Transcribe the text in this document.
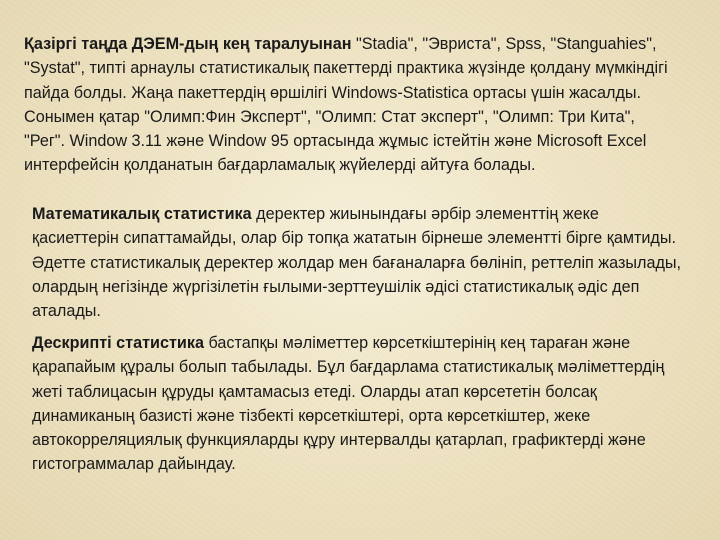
Қазіргі таңда ДЭЕМ-дың кең таралуынан "Stadia", "Эвриста", Spss, "Stanguahies", "Systat", типті арнаулы статистикалық пакеттерді практика жүзінде қолдану мүмкіндігі пайда болды. Жаңа пакеттердің өршілігі Windows-Statistica ортасы үшін жасалды. Сонымен қатар "Олимп:Фин Эксперт", "Олимп: Стат эксперт", "Олимп: Три Кита", "Рег". Window 3.11 және Window 95 ортасында жұмыс істейтін және Microsoft Excel интерфейсін қолданатын бағдарламалық жүйелерді айтуға болады.

Математикалық статистика деректер жиынындағы әрбір элементтің жеке қасиеттерін сипаттамайды, олар бір топқа жататын бірнеше элементті бірге қамтиды. Әдетте статистикалық деректер жолдар мен бағаналарға бөлініп, реттеліп жазылады, олардың негізінде жүргізілетін ғылыми-зерттеушілік әдісі статистикалық әдіс деп аталады.

Дескрипті статистика бастапқы мәліметтер көрсеткіштерінің кең тараған және қарапайым құралы болып табылады. Бұл бағдарлама статистикалық мәліметтердің жеті таблицасын құруды қамтамасыз етеді. Оларды атап көрсететін болсақ динамиканың базисті және тізбекті көрсеткіштері, орта көрсеткіштер, жеке автокорреляциялық функцияларды құру интервалды қатарлап, графиктерді және гистограммалар дайындау.
